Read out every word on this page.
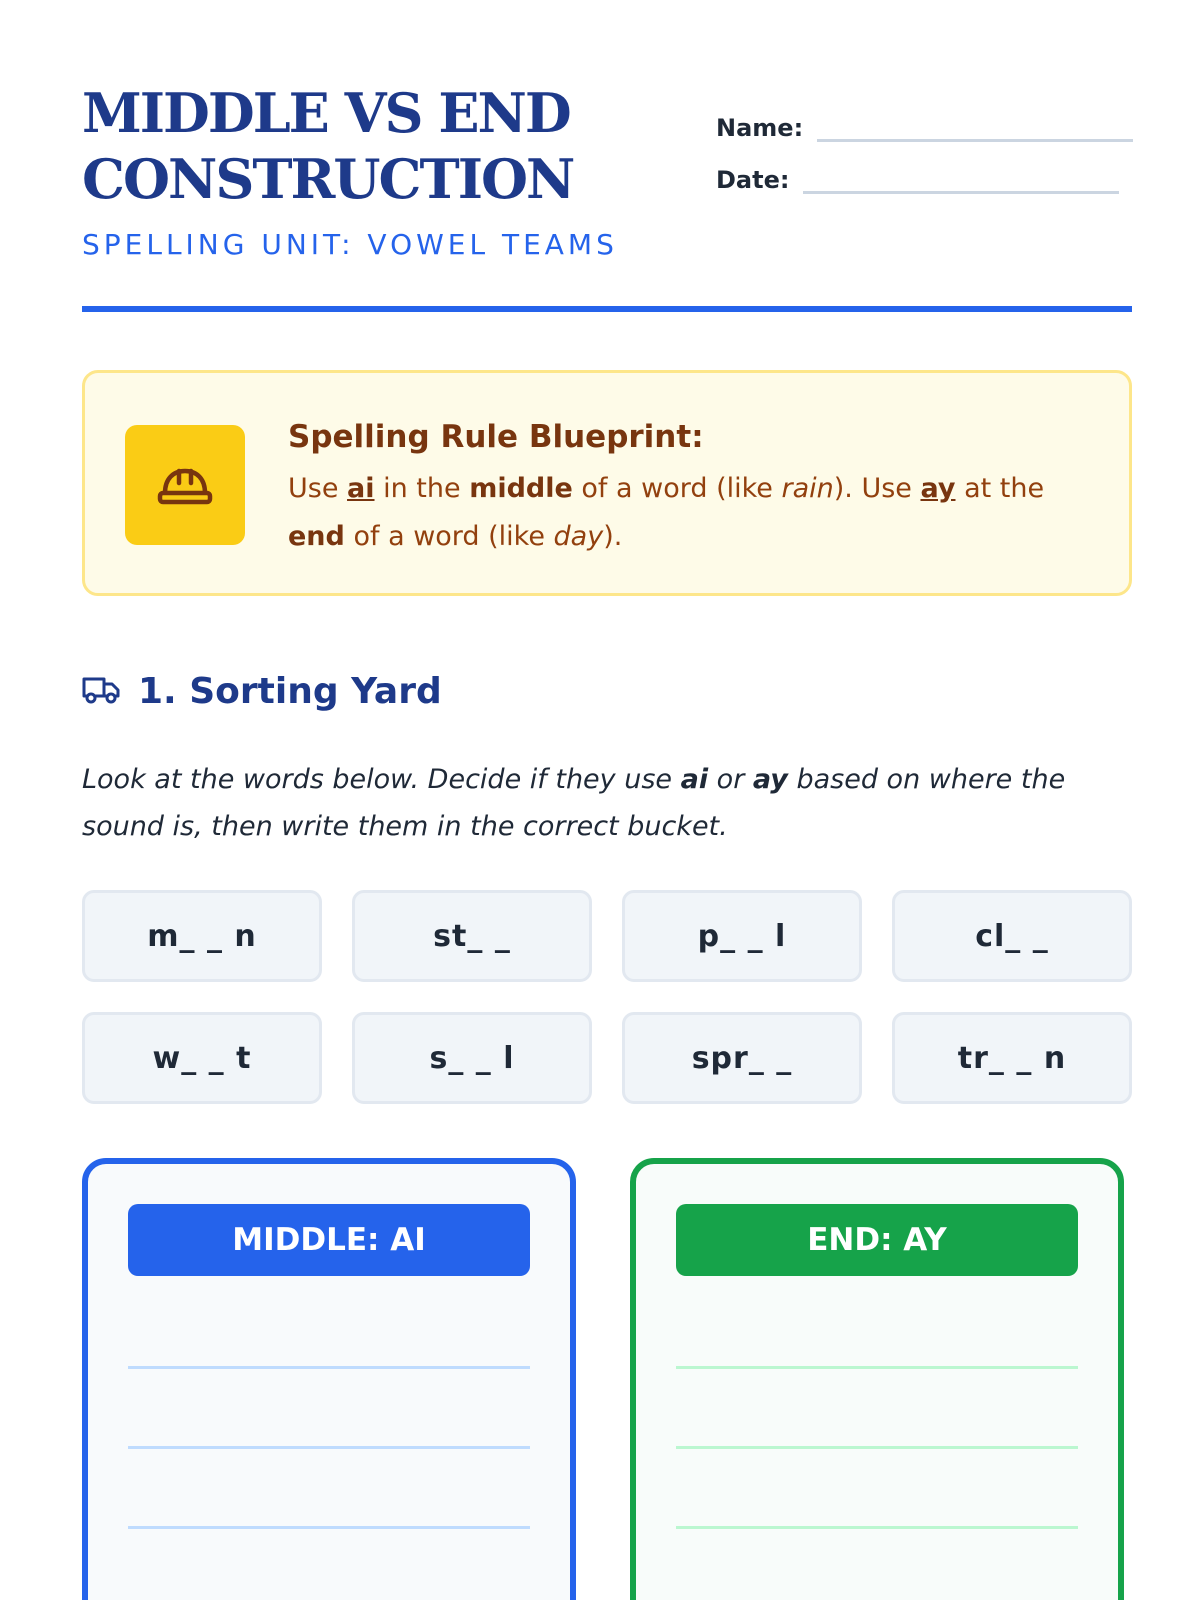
MIDDLE VS END
CONSTRUCTION
SPELLING UNIT: VOWEL TEAMS
Name:
Date:
Spelling Rule Blueprint:
Use ai in the middle of a word (like rain). Use ay at the end of a word (like day).
1. Sorting Yard
Look at the words below. Decide if they use ai or ay based on where the sound is, then write them in the correct bucket.
m_ _ n	st_ _	p_ _ l	cl_ _
w_ _ t	s_ _ l	spr_ _	tr_ _ n
MIDDLE: AI	END: AY
